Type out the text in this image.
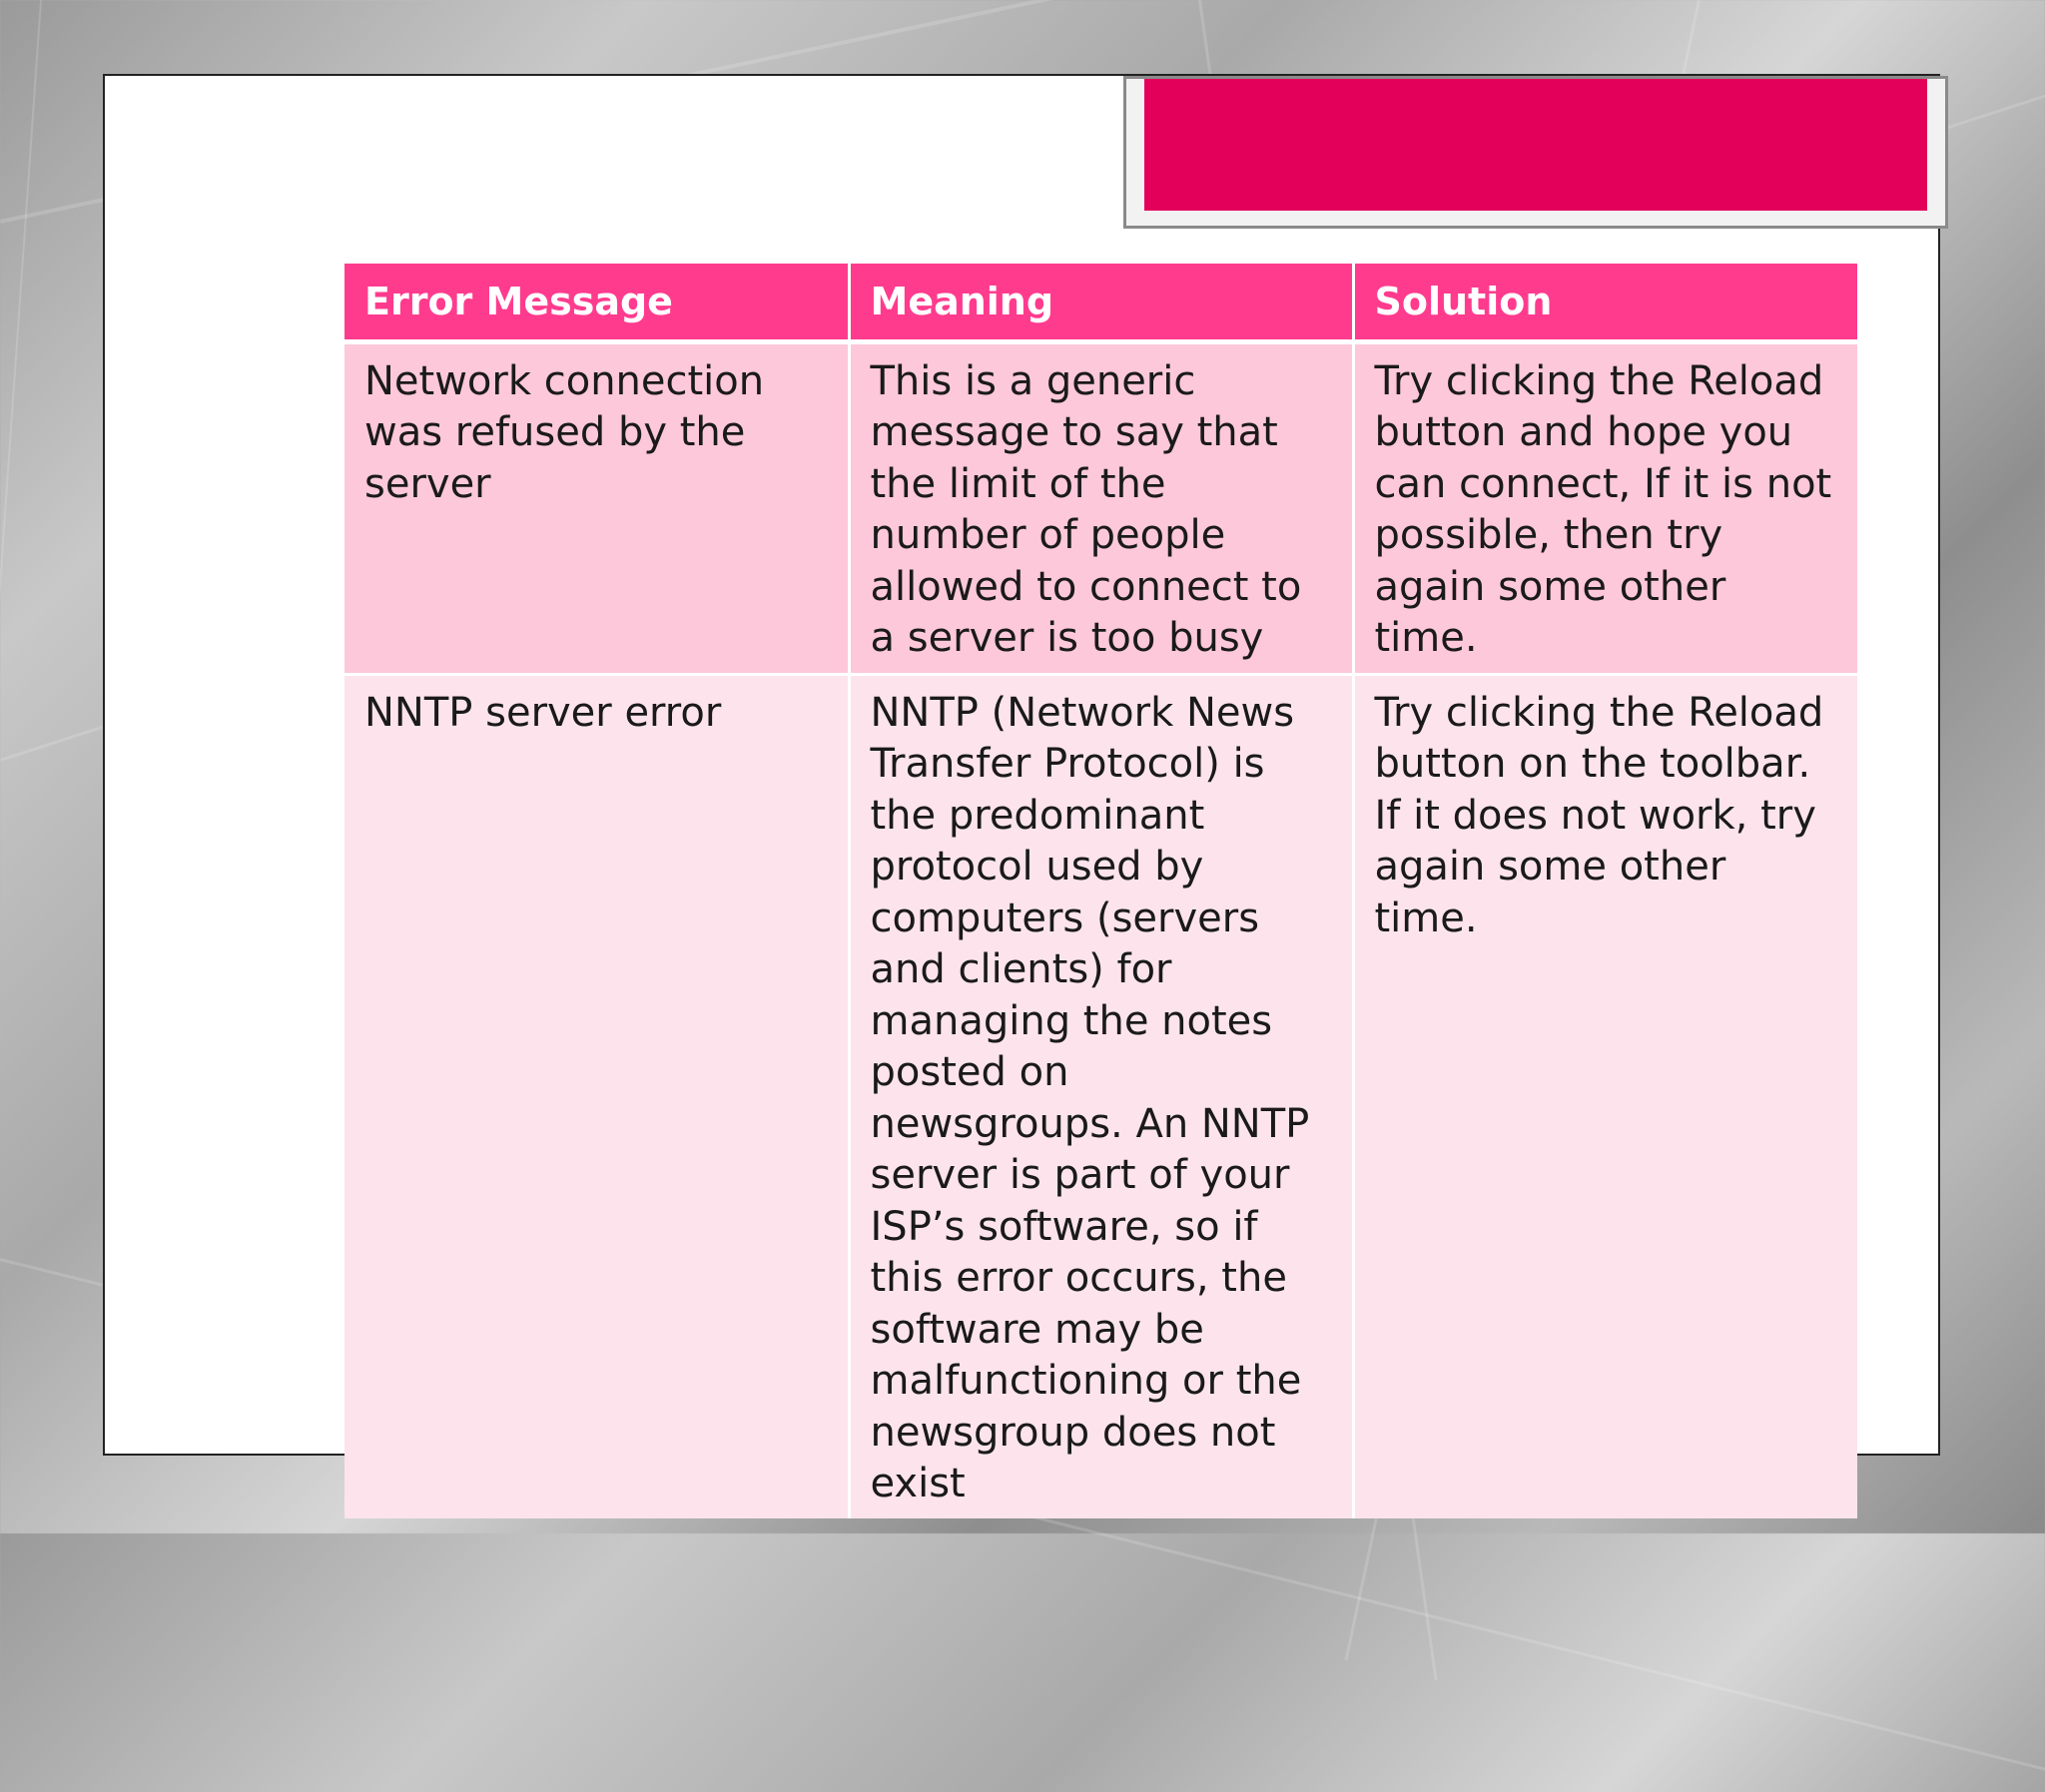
Error Message	Meaning	Solution
Network connection was refused by the server	This is a generic message to say that the limit of the number of people allowed to connect to a server is too busy	Try clicking the Reload button and hope you can connect, If it is not possible, then try again some other time.
NNTP server error	NNTP (Network News Transfer Protocol) is the predominant protocol used by computers (servers and clients) for managing the notes posted on newsgroups. An NNTP server is part of your ISP’s software, so if this error occurs, the software may be malfunctioning or the newsgroup does not exist	Try clicking the Reload button on the toolbar. If it does not work, try again some other time.
